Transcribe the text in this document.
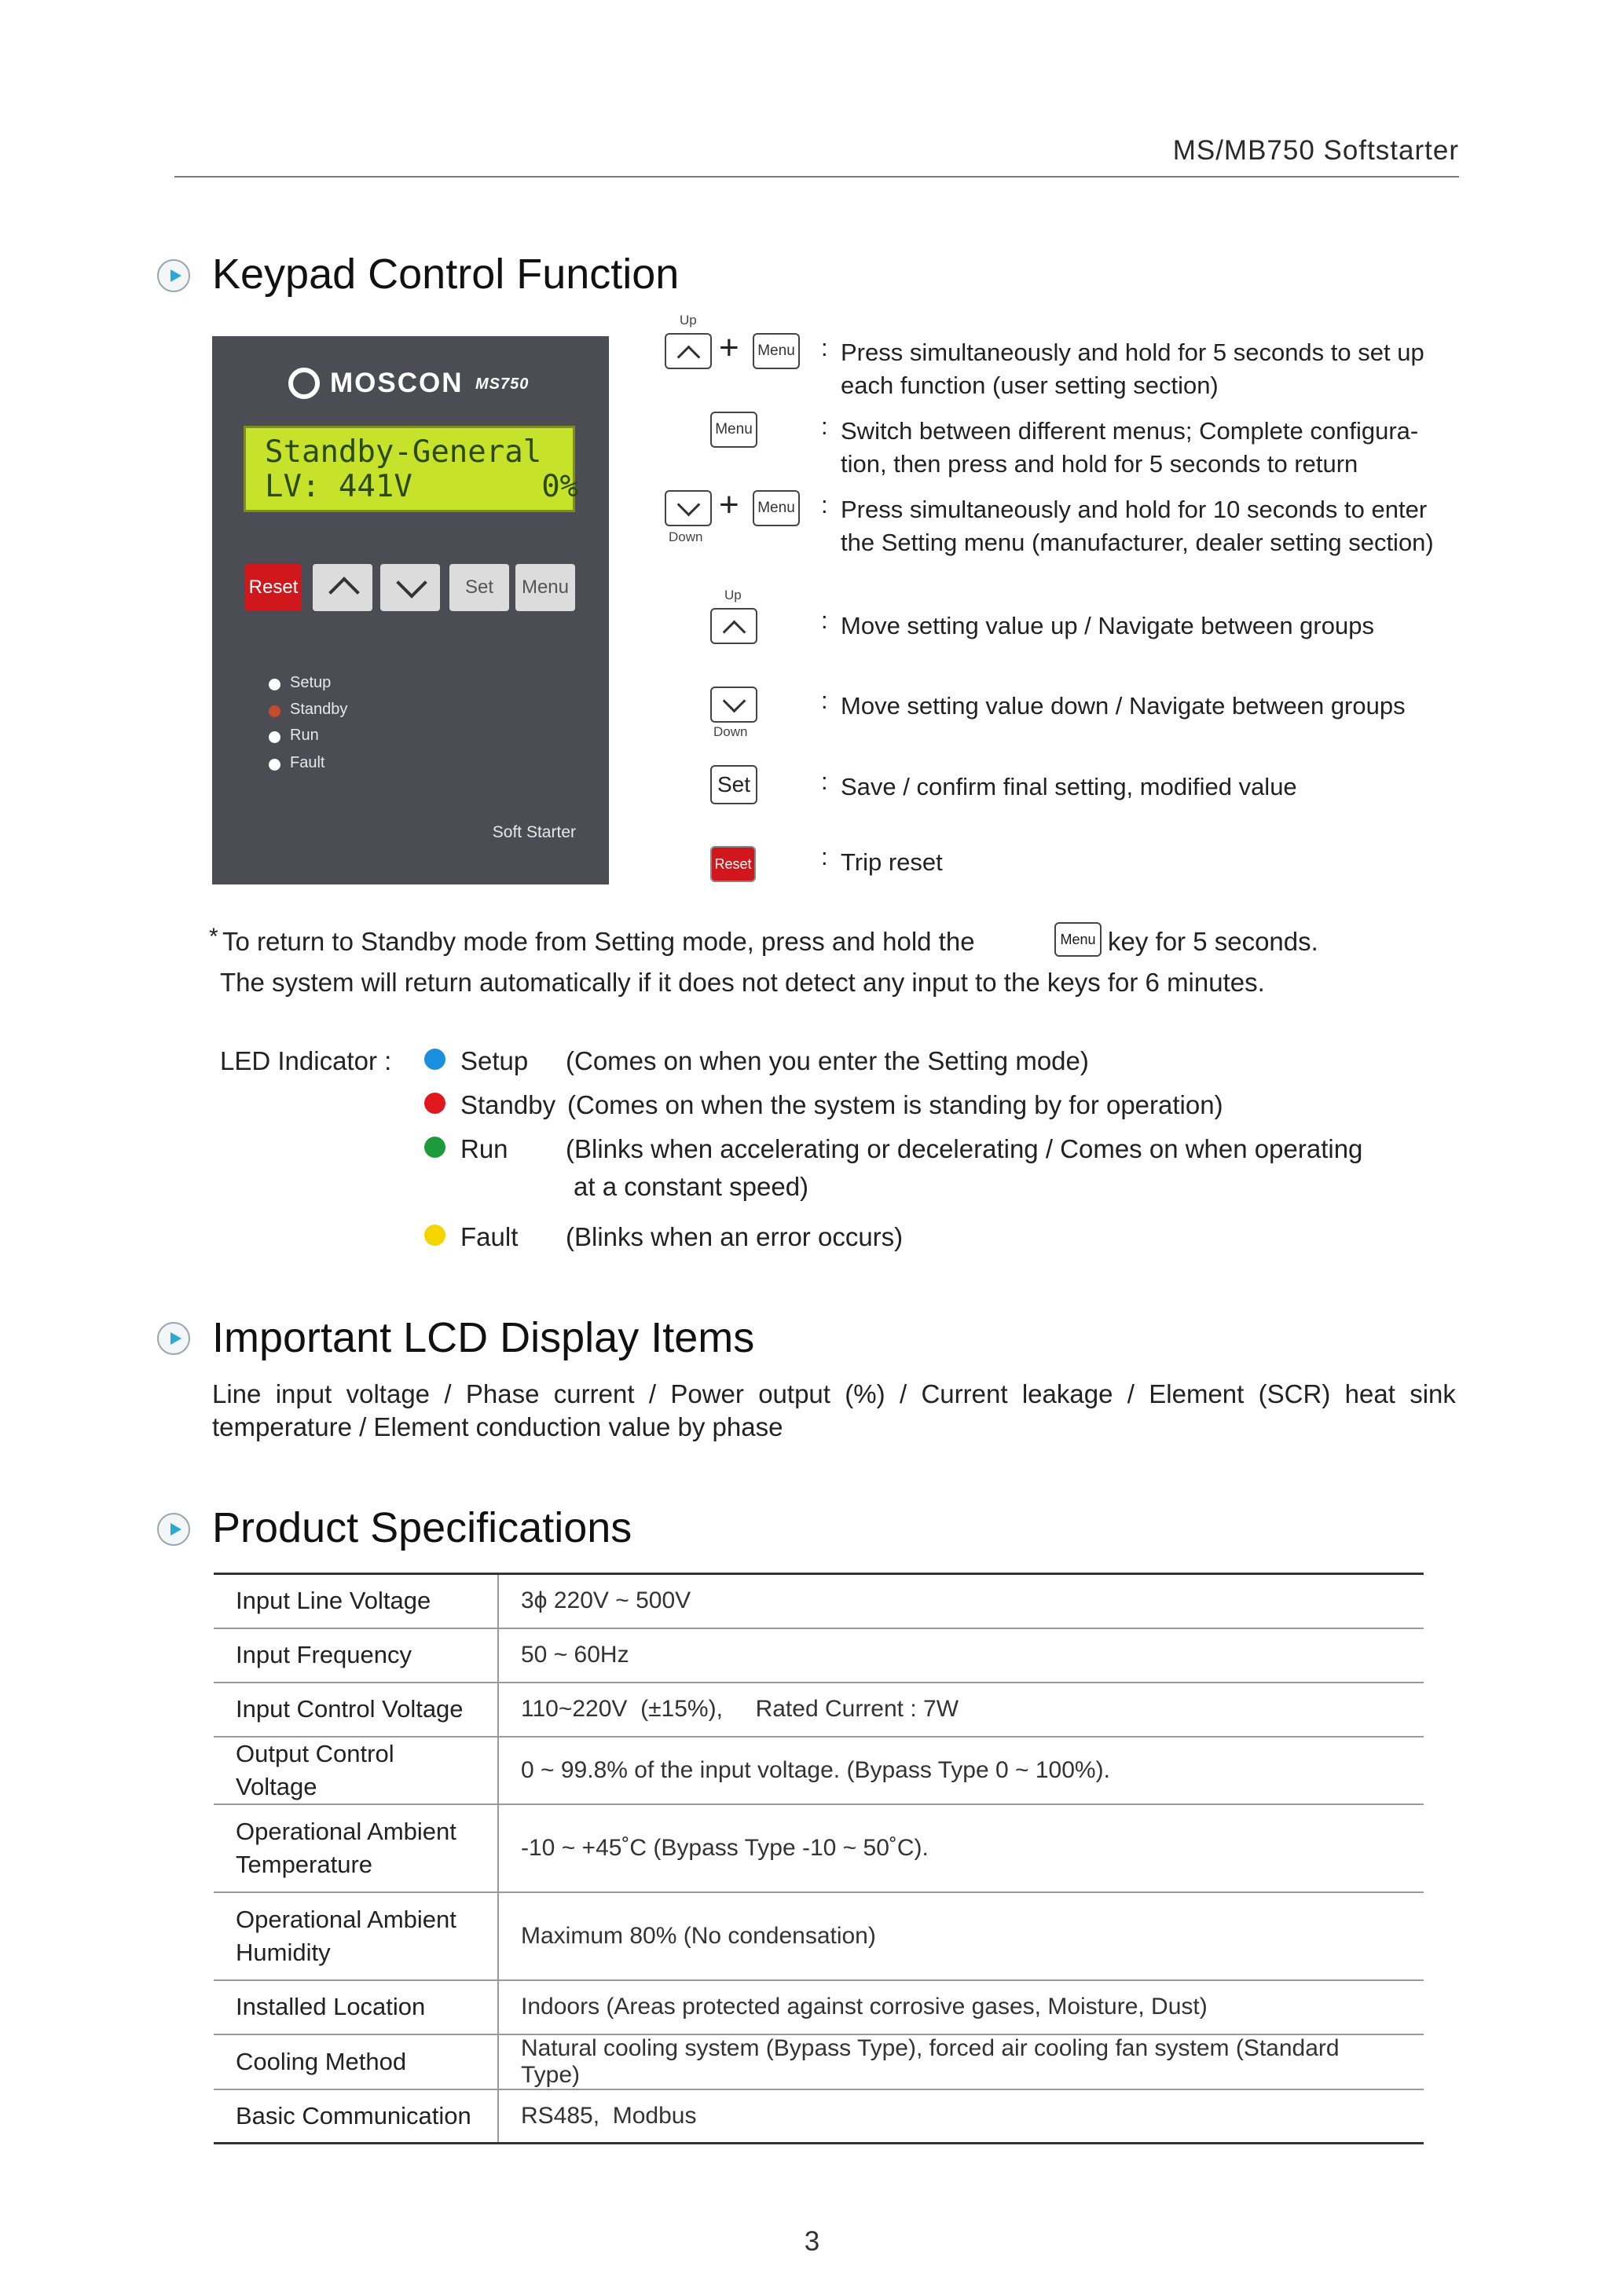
MS/MB750 Softstarter
Keypad Control Function
MOSCON MS750
Standby-General
LV: 441V       0%
Reset	Set	Menu
Setup
Standby
Run
Fault
Soft Starter
Up
+	Menu : Press simultaneously and hold for 5 seconds to set up
each function (user setting section)
Menu	: Switch between different menus; Complete configura-
tion, then press and hold for 5 seconds to return
Down
+	Menu : Press simultaneously and hold for 10 seconds to enter
the Setting menu (manufacturer, dealer setting section)
Up
: Move setting value up / Navigate between groups
Down
: Move setting value down / Navigate between groups
Set	: Save / confirm final setting, modified value
Reset	: Trip reset
* To return to Standby mode from Setting mode, press and hold the	Menu key for 5 seconds.
The system will return automatically if it does not detect any input to the keys for 6 minutes.
LED Indicator :	Setup (Comes on when you enter the Setting mode)
Standby (Comes on when the system is standing by for operation)
Run (Blinks when accelerating or decelerating / Comes on when operating
at a constant speed)
Fault (Blinks when an error occurs)
Important LCD Display Items
Line  input  voltage  /  Phase  current  /  Power  output  (%)  /  Current  leakage  /  Element  (SCR)  heat  sink
temperature / Element conduction value by phase
Product Specifications
Input Line Voltage	3ϕ 220V ~ 500V
Input Frequency	50 ~ 60Hz
Input Control Voltage	110~220V  (±15%),     Rated Current : 7W
Output Control Voltage	0 ~ 99.8% of the input voltage. (Bypass Type 0 ~ 100%).
Operational Ambient Temperature	-10 ~ +45˚C (Bypass Type -10 ~ 50˚C).
Operational Ambient Humidity	Maximum 80% (No condensation)
Installed Location	Indoors (Areas protected against corrosive gases, Moisture, Dust)
Cooling Method	Natural cooling system (Bypass Type), forced air cooling fan system (Standard Type)
Basic Communication	RS485,  Modbus
3
